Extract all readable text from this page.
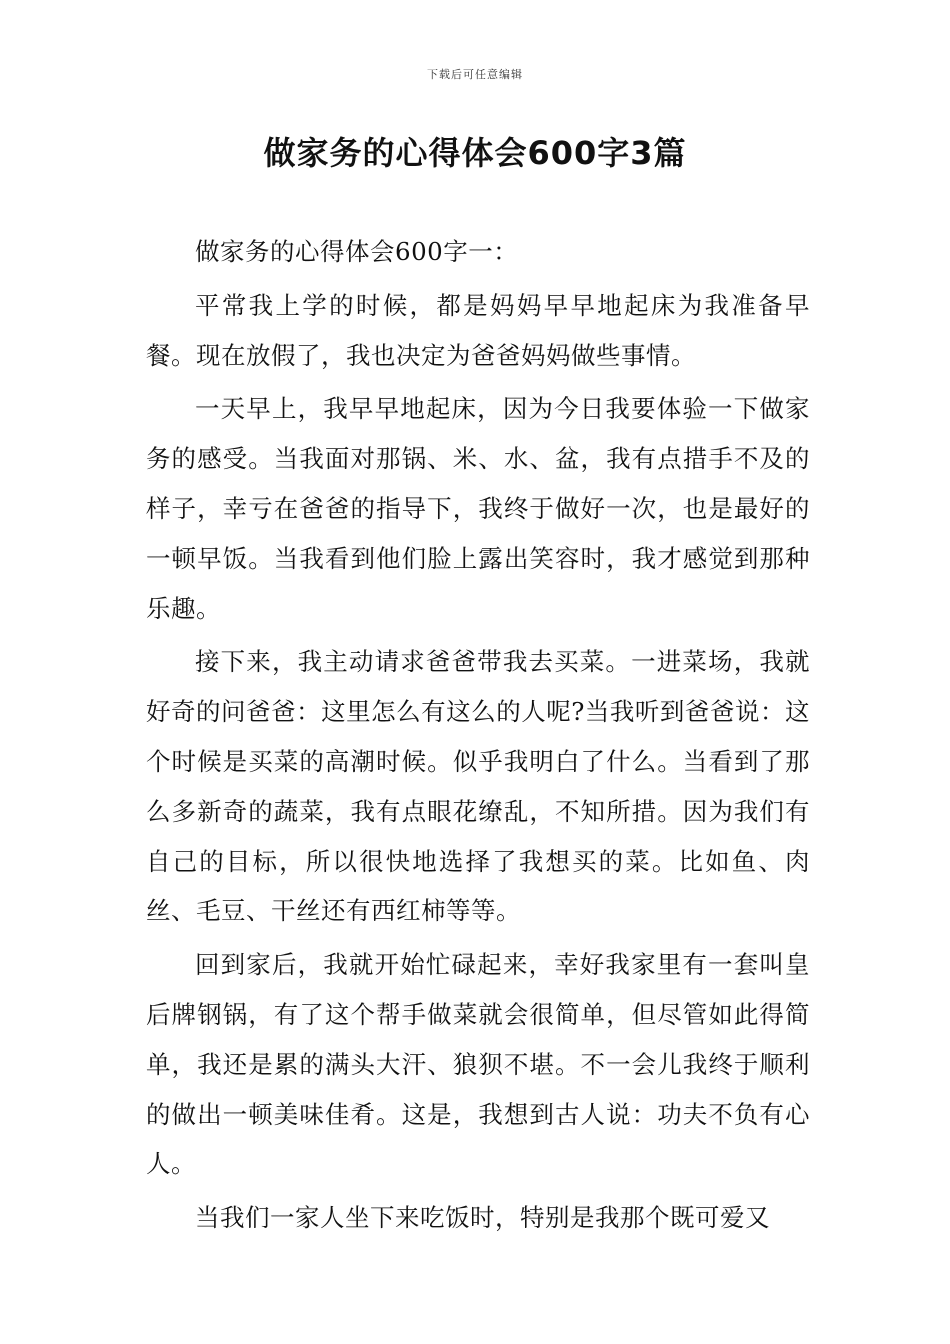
下载后可任意编辑
做家务的心得体会600字3篇

做家务的心得体会600字一：

平常我上学的时候，都是妈妈早早地起床为我准备早餐。现在放假了，我也决定为爸爸妈妈做些事情。

一天早上，我早早地起床，因为今日我要体验一下做家务的感受。当我面对那锅、米、水、盆，我有点措手不及的样子，幸亏在爸爸的指导下，我终于做好一次，也是最好的一顿早饭。当我看到他们脸上露出笑容时，我才感觉到那种乐趣。

接下来，我主动请求爸爸带我去买菜。一进菜场，我就好奇的问爸爸：这里怎么有这么的人呢?当我听到爸爸说：这个时候是买菜的高潮时候。似乎我明白了什么。当看到了那么多新奇的蔬菜，我有点眼花缭乱，不知所措。因为我们有自己的目标，所以很快地选择了我想买的菜。比如鱼、肉丝、毛豆、干丝还有西红柿等等。

回到家后，我就开始忙碌起来，幸好我家里有一套叫皇后牌钢锅，有了这个帮手做菜就会很简单，但尽管如此得简单，我还是累的满头大汗、狼狈不堪。不一会儿我终于顺利的做出一顿美味佳肴。这是，我想到古人说：功夫不负有心人。

当我们一家人坐下来吃饭时，特别是我那个既可爱又
